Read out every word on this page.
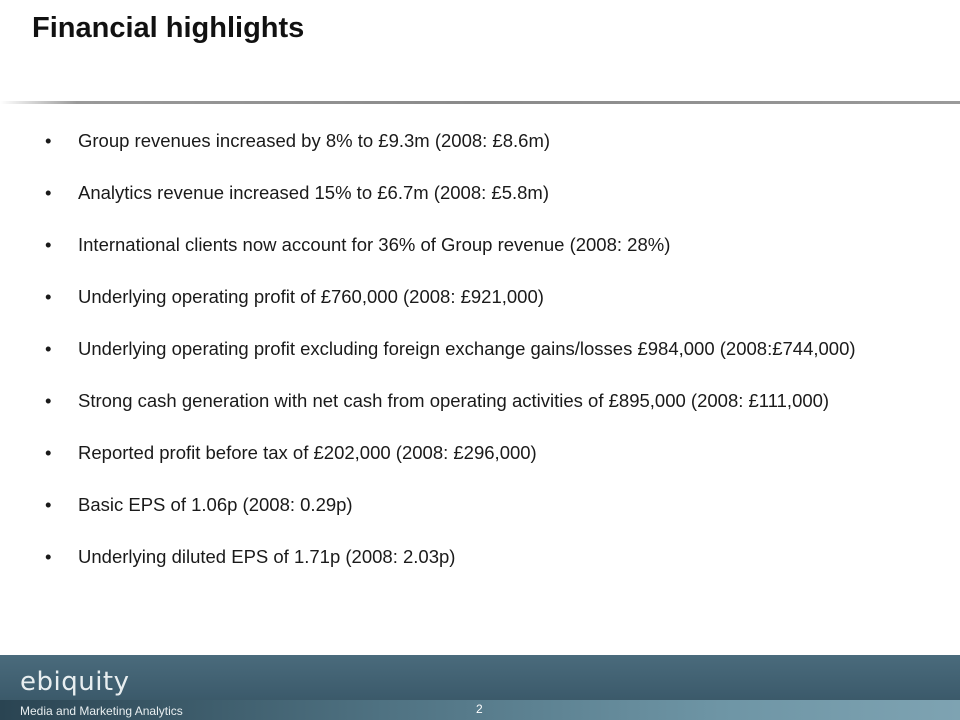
Financial highlights
• Group revenues increased by 8% to £9.3m (2008: £8.6m)
• Analytics revenue increased 15% to £6.7m (2008: £5.8m)
• International clients now account for 36% of Group revenue (2008: 28%)
• Underlying operating profit of £760,000 (2008: £921,000)
• Underlying operating profit excluding foreign exchange gains/losses £984,000 (2008:£744,000)
• Strong cash generation with net cash from operating activities of £895,000 (2008: £111,000)
• Reported profit before tax of £202,000 (2008: £296,000)
• Basic EPS of 1.06p (2008: 0.29p)
• Underlying diluted EPS of 1.71p (2008: 2.03p)
ebiquity
Media and Marketing Analytics	2
